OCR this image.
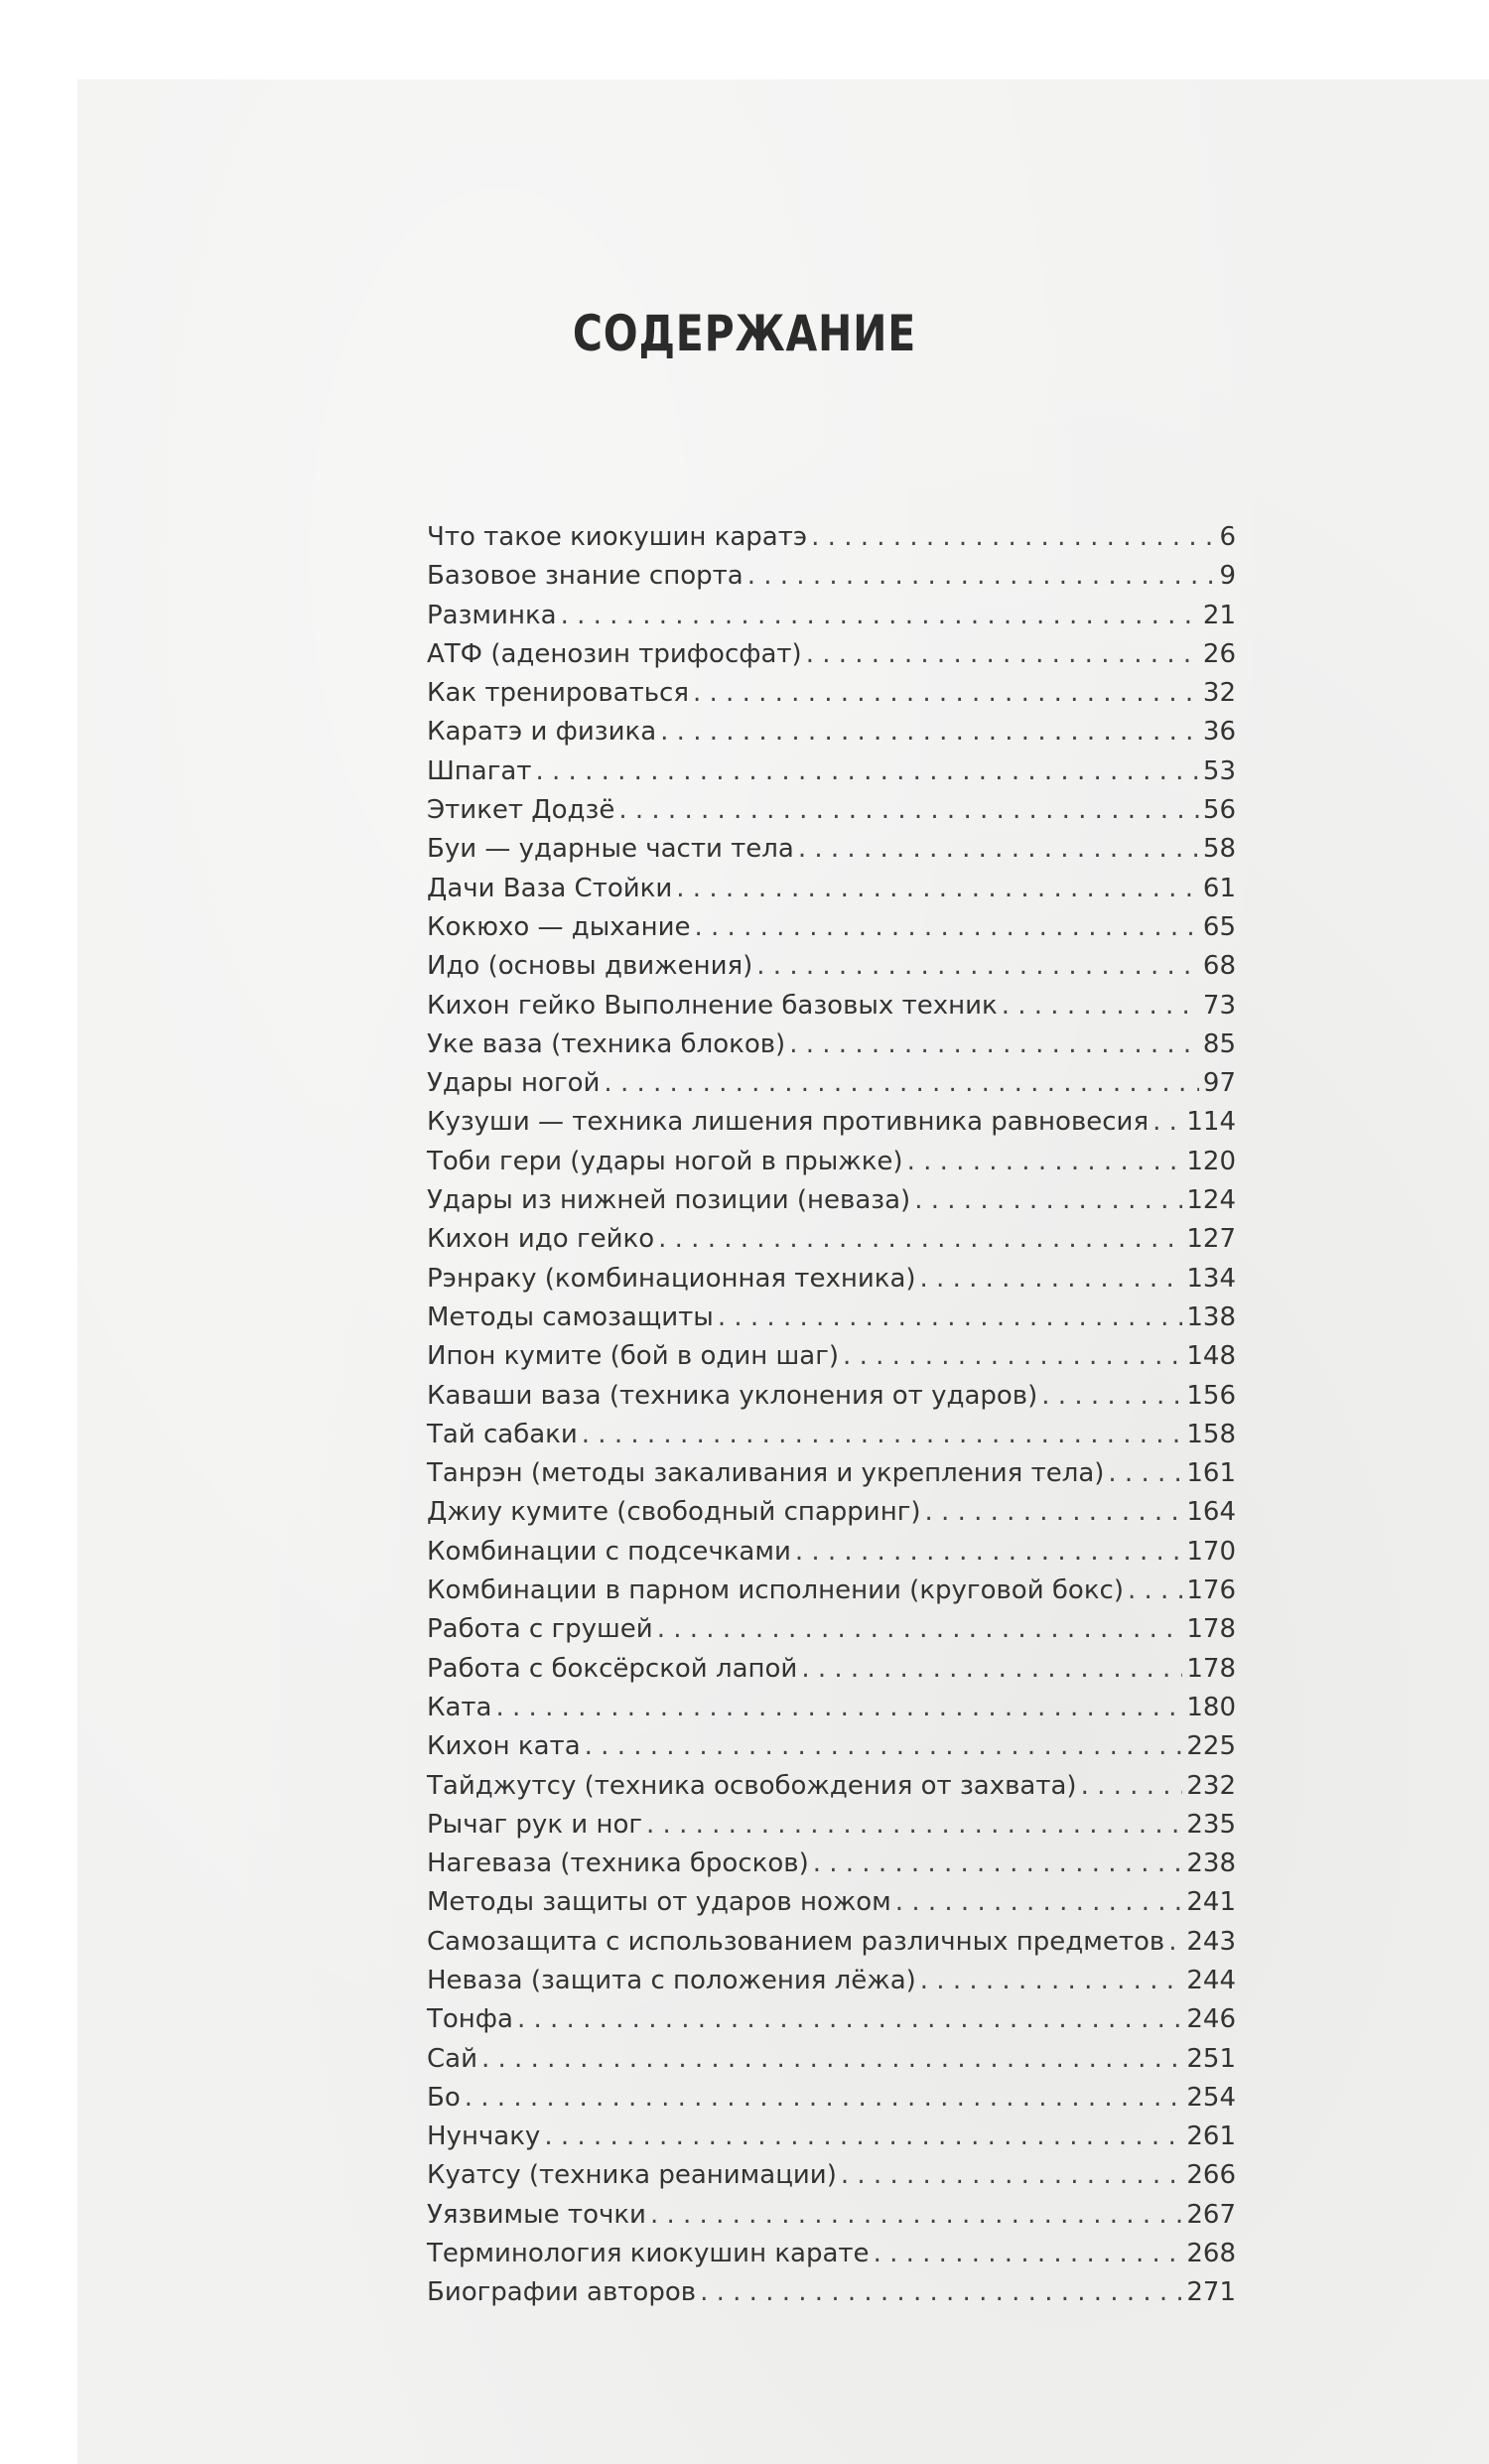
СОДЕРЖАНИЕ
Что такое киокушин каратэ . . .	6
Базовое знание спорта . . .	9
Разминка . . .	21
АТФ (аденозин трифосфат) . . .	26
Как тренироваться . . .	32
Каратэ и физика . . .	36
Шпагат . . .	53
Этикет Додзё . . .	56
Буи — ударные части тела . . .	58
Дачи Ваза Стойки . . .	61
Кокюхо — дыхание . . .	65
Идо (основы движения) . . .	68
Кихон гейко Выполнение базовых техник . . .	73
Уке ваза (техника блоков) . . .	85
Удары ногой . . .	97
Кузуши — техника лишения противника равновесия . . . 114
Тоби гери (удары ногой в прыжке) . . .	120
Удары из нижней позиции (неваза) . . .	124
Кихон идо гейко . . .	127
Рэнраку (комбинационная техника) . . .	134
Методы самозащиты . . .	138
Ипон кумите (бой в один шаг) . . .	148
Каваши ваза (техника уклонения от ударов) . . .	156
Тай сабаки . . .	158
Танрэн (методы закаливания и укрепления тела) . . .	161
Джиу кумите (свободный спарринг) . . .	164
Комбинации с подсечками . . .	170
Комбинации в парном исполнении (круговой бокс) . . . 176
Работа с грушей . . .	178
Работа с боксёрской лапой . . .	178
Ката . . .	180
Кихон ката . . .	225
Тайджутсу (техника освобождения от захвата) . . .	232
Рычаг рук и ног . . .	235
Нагеваза (техника бросков) . . .	238
Методы защиты от ударов ножом . . .	241
Самозащита с использованием различных предметов . . . 243
Неваза (защита с положения лёжа) . . .	244
Тонфа . . .	246
Сай . . .	251
Бо . . .	254
Нунчаку . . .	261
Куатсу (техника реанимации) . . .	266
Уязвимые точки . . .	267
Терминология киокушин карате . . .	268
Биографии авторов . . .	271
